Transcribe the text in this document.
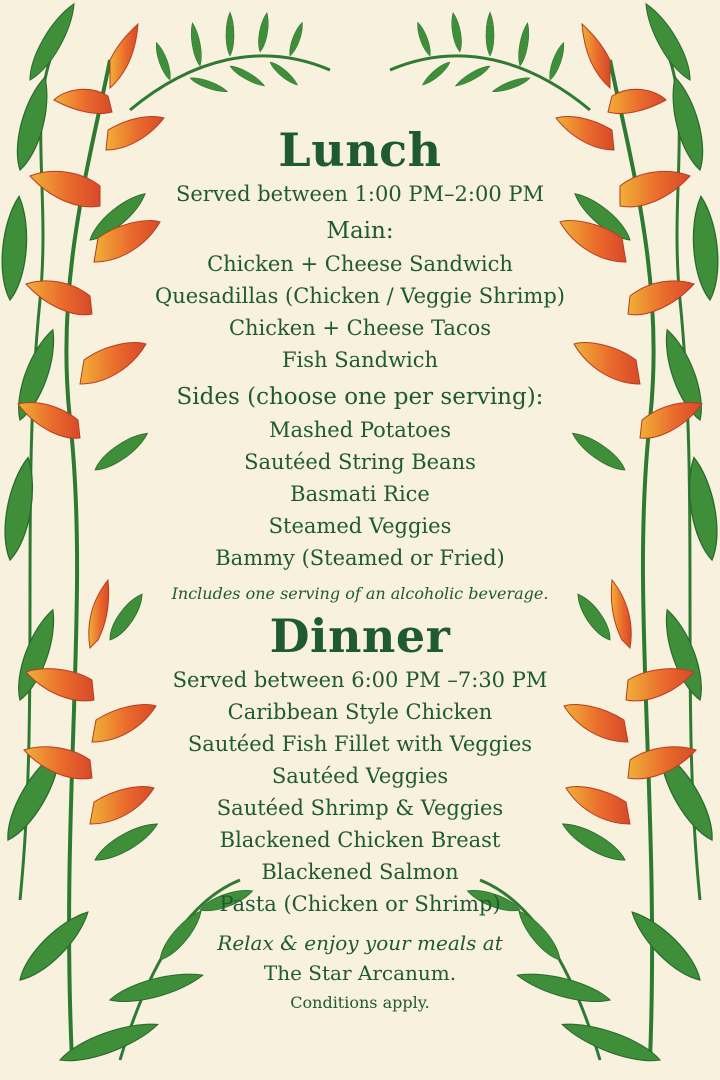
Lunch
Served between 1:00 PM–2:00 PM
Main:
Chicken + Cheese Sandwich
Quesadillas (Chicken / Veggie Shrimp)
Chicken + Cheese Tacos
Fish Sandwich
Sides (choose one per serving):
Mashed Potatoes
Sautéed String Beans
Basmati Rice
Steamed Veggies
Bammy (Steamed or Fried)
Includes one serving of an alcoholic beverage.
Dinner
Served between 6:00 PM –7:30 PM
Caribbean Style Chicken
Sautéed Fish Fillet with Veggies
Sautéed Veggies
Sautéed Shrimp & Veggies
Blackened Chicken Breast
Blackened Salmon
Pasta (Chicken or Shrimp)
Relax & enjoy your meals at
The Star Arcanum.
Conditions apply.
